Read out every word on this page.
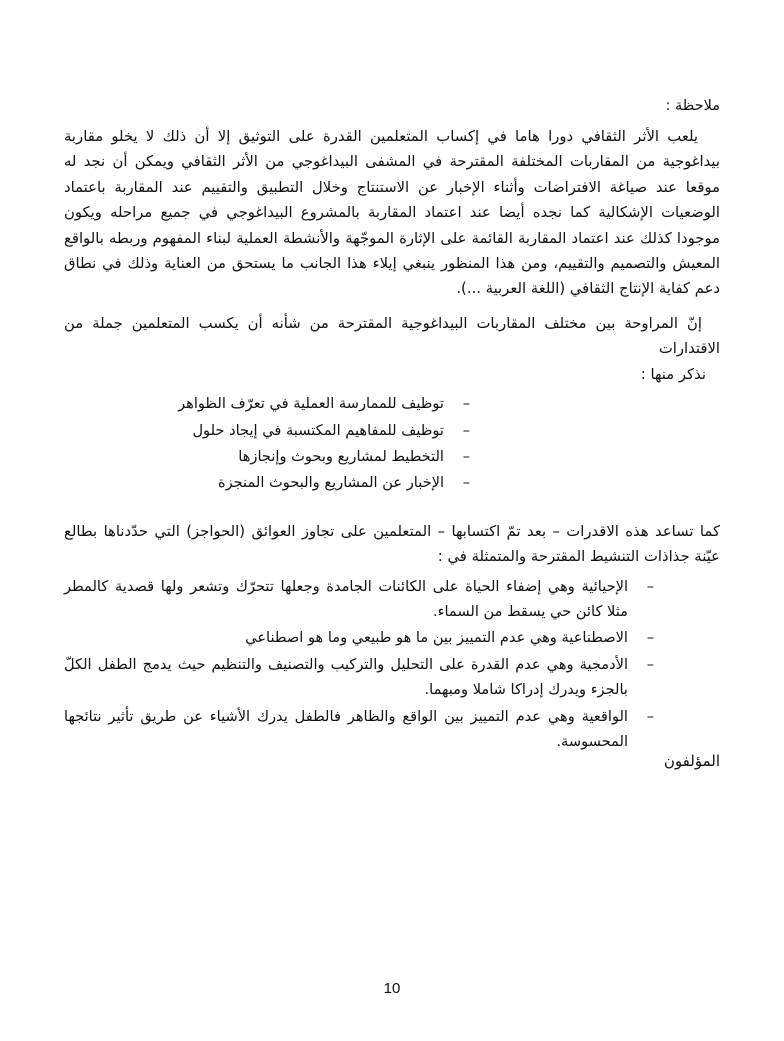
ملاحظة :

يلعب الأثر الثقافي دورا هاما في إكساب المتعلمين القدرة على التوثيق إلا أن ذلك لا يخلو مقاربة بيداغوجية من المقاربات المختلفة المقترحة في المشفى البيداغوجي من الأثر الثقافي ويمكن أن نجد له موقعا عند صياغة الافتراضات وأثناء الإخبار عن الاستنتاج وخلال التطبيق والتقييم عند المقاربة باعتماد الوضعيات الإشكالية كما نجده أيضا عند اعتماد المقاربة بالمشروع البيداغوجي في جميع مراحله ويكون موجودا كذلك عند اعتماد المقاربة القائمة على الإثارة الموجّهة والأنشطة العملية لبناء المفهوم وربطه بالواقع المعيش والتصميم والتقييم، ومن هذا المنظور ينبغي إيلاء هذا الجانب ما يستحق من العناية وذلك في نطاق دعم كفاية الإنتاج الثقافي (اللغة العربية ...).

إنّ المراوحة بين مختلف المقاربات البيداغوجية المقترحة من شأنه أن يكسب المتعلمين جملة من الاقتدارات

نذكر منها :

–
توظيف للممارسة العملية في تعرّف الظواهر
–
توظيف للمفاهيم المكتسبة في إيجاد حلول
–
التخطيط لمشاريع وبحوث وإنجازها
–
الإخبار عن المشاريع والبحوث المنجزة

كما تساعد هذه الاقدرات – بعد تمّ اكتسابها – المتعلمين على تجاوز العوائق (الحواجز) التي حدّدناها بطالع عيّنة جذاذات التنشيط المقترحة والمتمثلة في :

–
الإحيائية وهي إضفاء الحياة على الكائنات الجامدة وجعلها تتحرّك وتشعر ولها قصدية كالمطر مثلا كائن حي يسقط من السماء.
–
الاصطناعية وهي عدم التمييز بين ما هو طبيعي وما هو اصطناعي
–
الأدمجية وهي عدم القدرة على التحليل والتركيب والتصنيف والتنظيم حيث يدمج الطفل الكلّ بالجزء ويدرك إدراكا شاملا ومبهما.
–
الواقعية وهي عدم التمييز بين الواقع والظاهر فالطفل يدرك الأشياء عن طريق تأثير نتائجها المحسوسة.
المؤلفون
10
